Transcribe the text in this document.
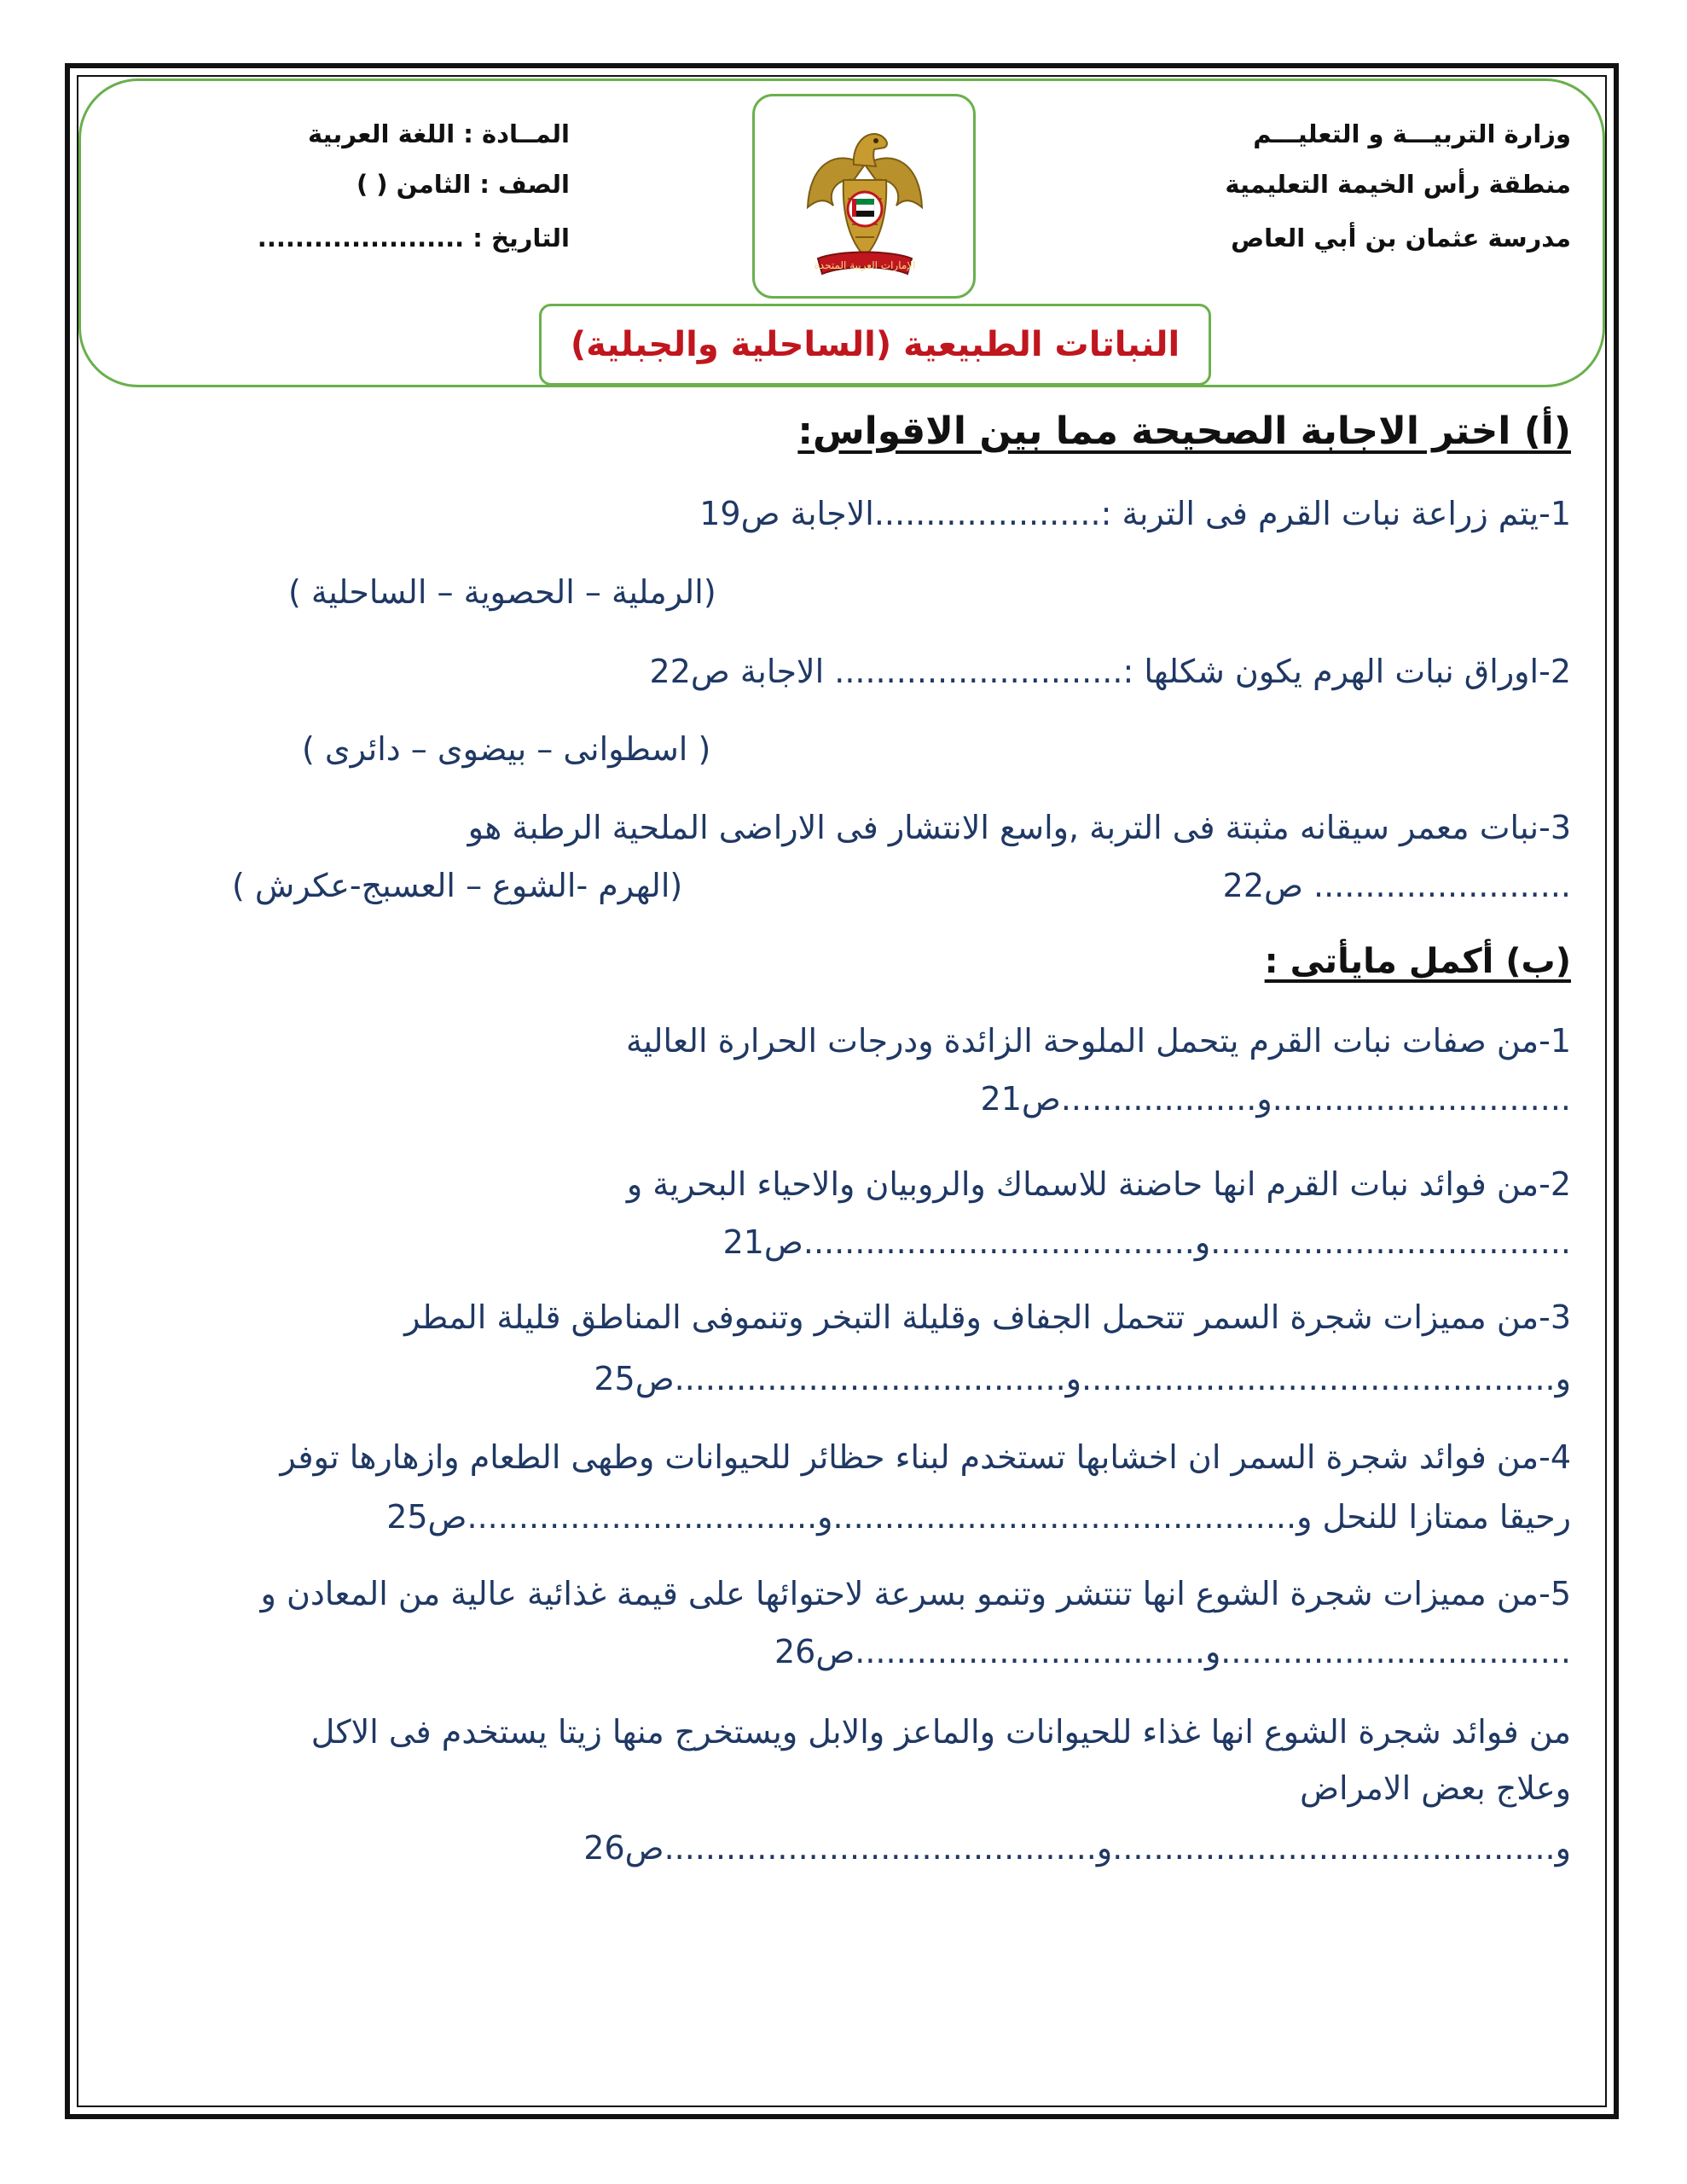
وزارة التربيـــة و التعليـــم
منطقة رأس الخيمة التعليمية
مدرسة عثمان بن أبي العاص
المــادة : اللغة العربية
الصف : الثامن ( )
التاريخ : ......................
الإمارات العربية المتحدة
النباتات الطبيعية (الساحلية والجبلية)
(أ) اختر الاجابة الصحيحة مما بين الاقواس:
1-يتم زراعة نبات القرم فى التربة :......................الاجابة ص19
(الرملية – الحصوية – الساحلية )
2-اوراق نبات الهرم يكون شكلها :............................ الاجابة ص22
( اسطوانى – بيضوى – دائرى )
3-نبات معمر سيقانه مثبتة فى التربة ,واسع الانتشار فى الاراضى الملحية الرطبة هو
......................... ص22
(الهرم -الشوع – العسبج-عكرش )
(ب) أكمل مايأتى :
1-من صفات نبات القرم يتحمل الملوحة الزائدة ودرجات الحرارة العالية
.............................و...................ص21
2-من فوائد نبات القرم انها حاضنة للاسماك والروبيان والاحياء البحرية و
...................................و......................................ص21
3-من مميزات شجرة السمر تتحمل الجفاف وقليلة التبخر وتنموفى المناطق قليلة المطر
و..............................................و......................................ص25
4-من فوائد شجرة السمر ان اخشابها تستخدم لبناء حظائر للحيوانات وطهى الطعام وازهارها توفر
رحيقا ممتازا للنحل و.............................................و..................................ص25
5-من مميزات شجرة الشوع انها تنتشر وتنمو بسرعة لاحتوائها على قيمة غذائية عالية من المعادن و
..................................و..................................ص26
من فوائد شجرة الشوع انها غذاء للحيوانات والماعز والابل ويستخرج منها زيتا يستخدم فى الاكل
وعلاج بعض الامراض
و...........................................و..........................................ص26
